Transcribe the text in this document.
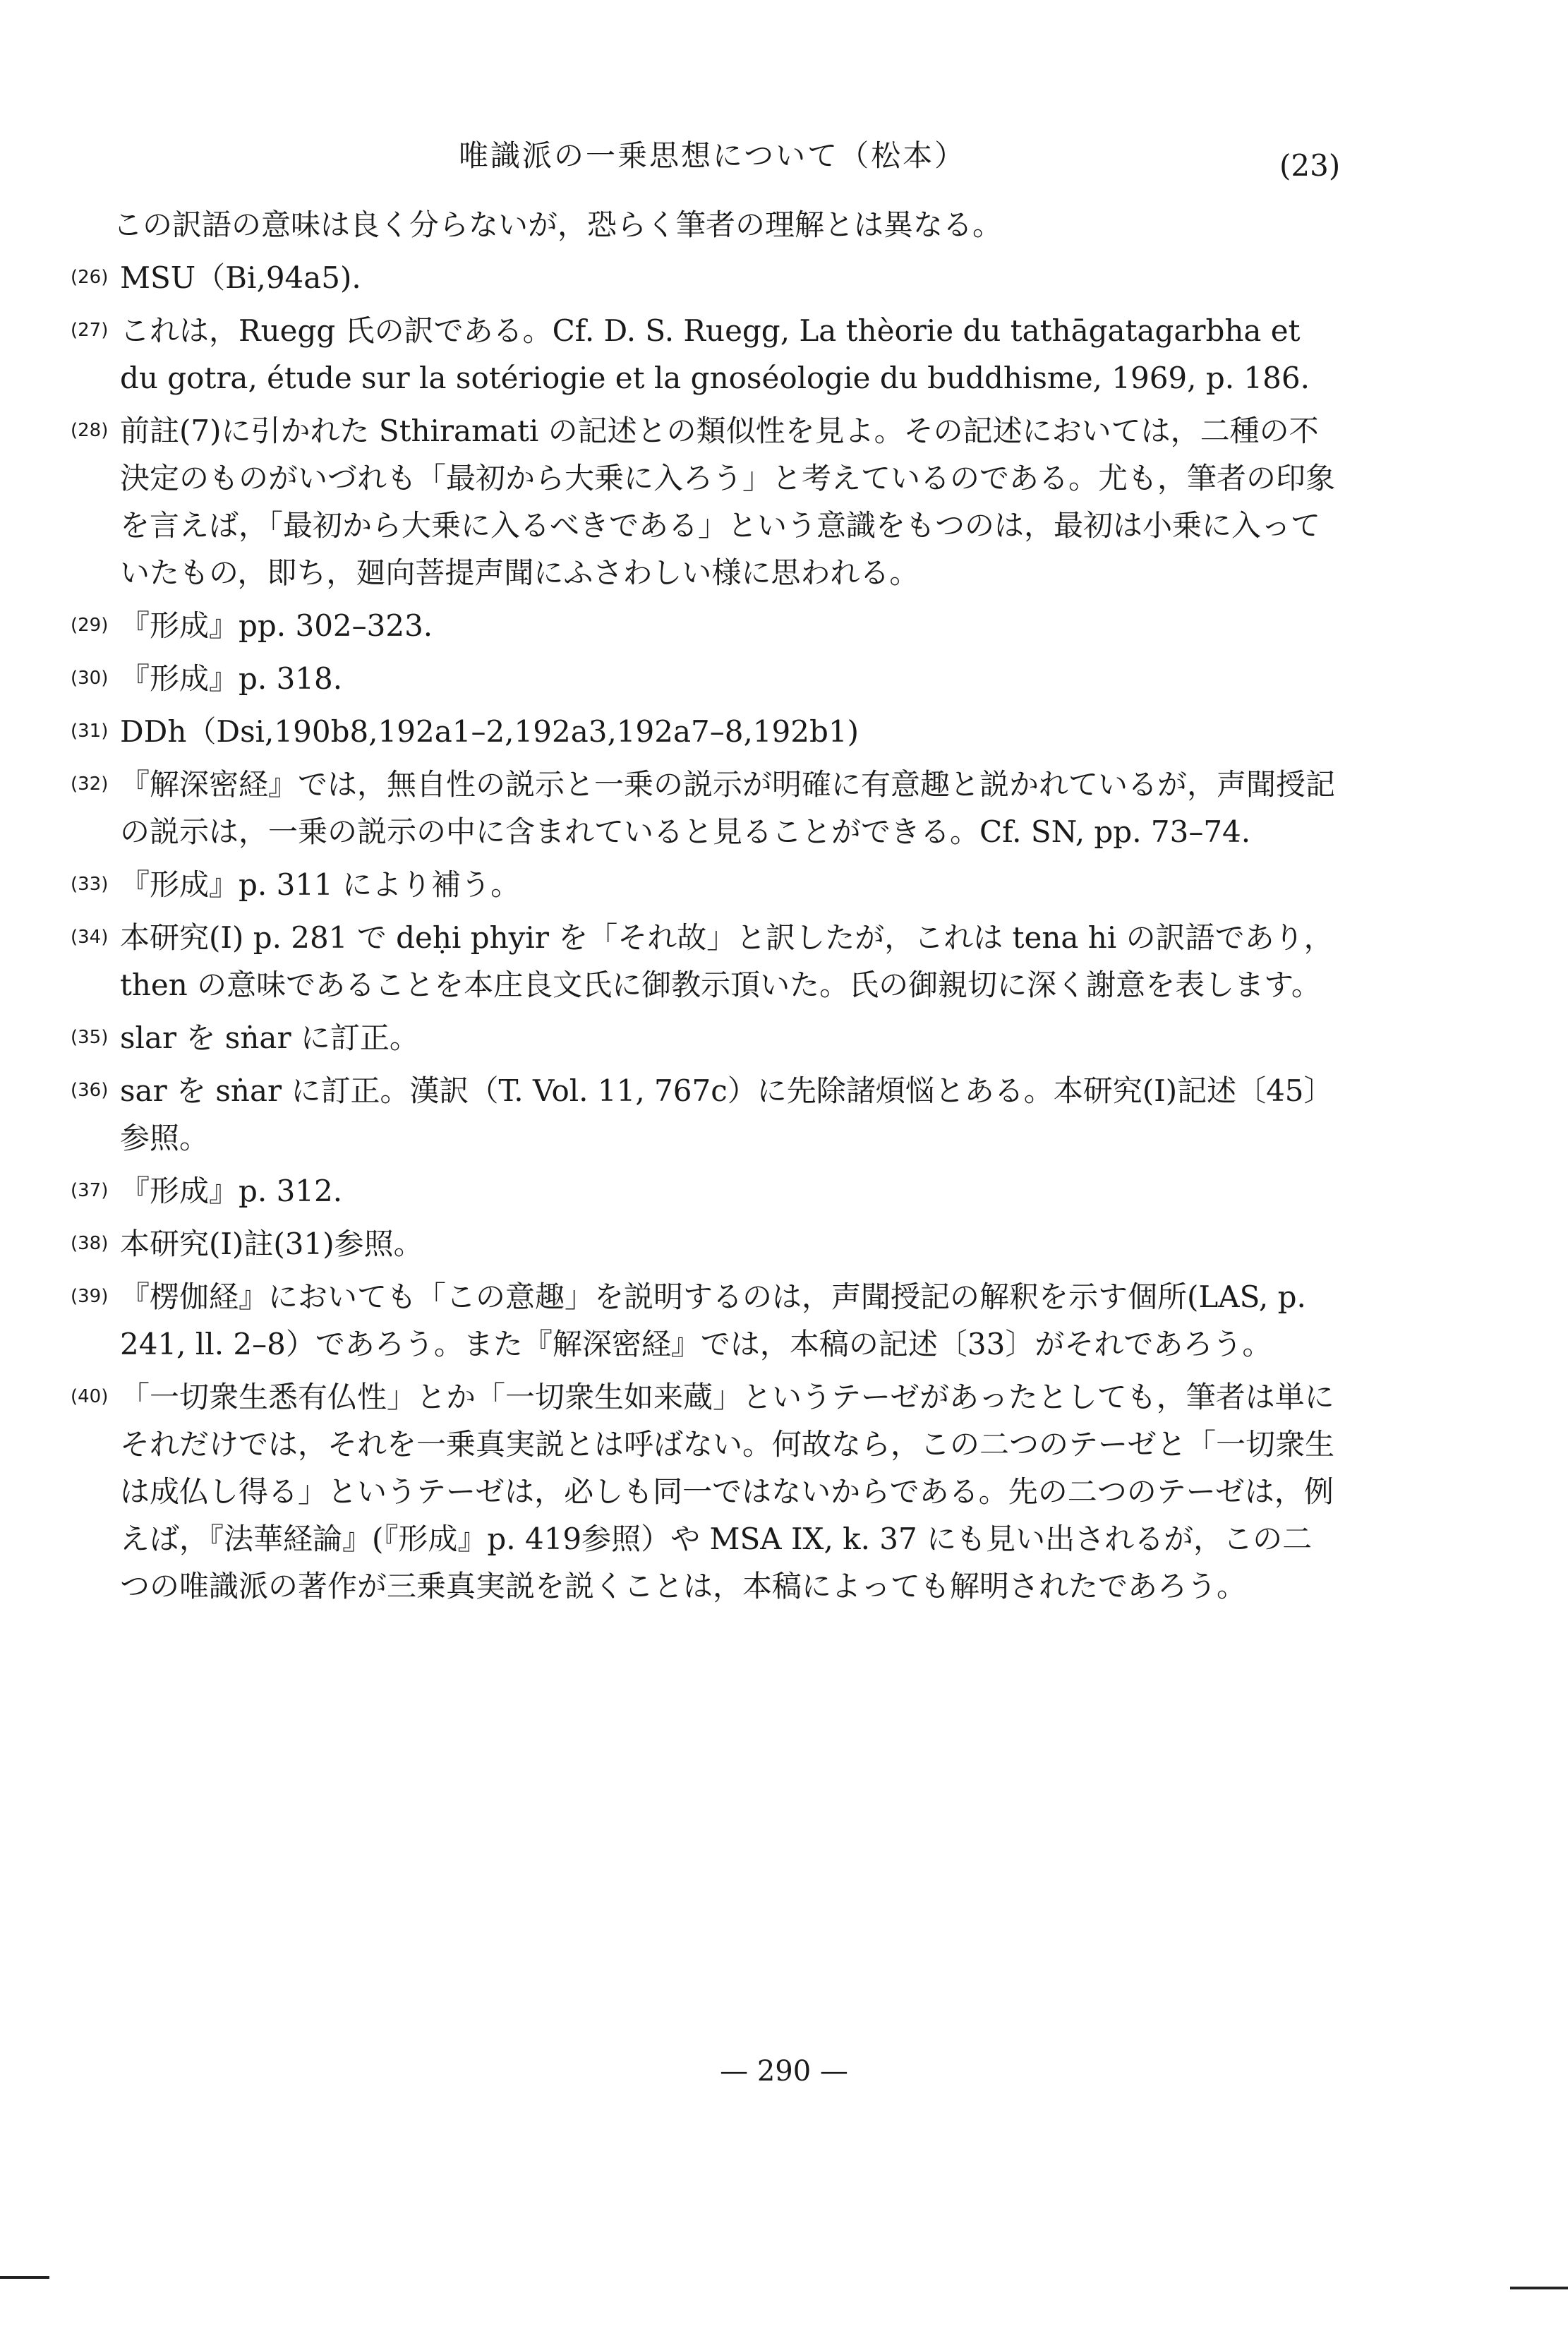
唯識派の一乗思想について（松本）	(23)
この訳語の意味は良く分らないが，恐らく筆者の理解とは異なる。
(26) MSU（Bi,94a5).
(27) これは，Ruegg 氏の訳である。Cf. D. S. Ruegg, La thèorie du tathāgatagarbha et du gotra, étude sur la sotériogie et la gnoséologie du buddhisme, 1969, p. 186.
(28) 前註(7)に引かれた Sthiramati の記述との類似性を見よ。その記述においては，二種の不決定のものがいづれも「最初から大乗に入ろう」と考えているのである。尤も，筆者の印象を言えば，「最初から大乗に入るべきである」という意識をもつのは，最初は小乗に入っていたもの，即ち，廻向菩提声聞にふさわしい様に思われる。
(29) 『形成』pp. 302–323.
(30) 『形成』p. 318.
(31) DDh（Dsi,190b8,192a1–2,192a3,192a7–8,192b1)
(32) 『解深密経』では，無自性の説示と一乗の説示が明確に有意趣と説かれているが，声聞授記の説示は，一乗の説示の中に含まれていると見ることができる。Cf. SN, pp. 73–74.
(33) 『形成』p. 311 により補う。
(34) 本研究(I) p. 281 で deḥi phyir を「それ故」と訳したが，これは tena hi の訳語であり，then の意味であることを本庄良文氏に御教示頂いた。氏の御親切に深く謝意を表します。
(35) slar を sṅar に訂正。
(36) sar を sṅar に訂正。漢訳（T. Vol. 11, 767c）に先除諸煩悩とある。本研究(I)記述〔45〕参照。
(37) 『形成』p. 312.
(38) 本研究(I)註(31)参照。
(39) 『楞伽経』においても「この意趣」を説明するのは，声聞授記の解釈を示す個所(LAS, p. 241, ll. 2–8）であろう。また『解深密経』では，本稿の記述〔33〕がそれであろう。
(40) 「一切衆生悉有仏性」とか「一切衆生如来蔵」というテーゼがあったとしても，筆者は単にそれだけでは，それを一乗真実説とは呼ばない。何故なら，この二つのテーゼと「一切衆生は成仏し得る」というテーゼは，必しも同一ではないからである。先の二つのテーゼは，例えば，『法華経論』(『形成』p. 419参照）や MSA IX, k. 37 にも見い出されるが，この二つの唯識派の著作が三乗真実説を説くことは，本稿によっても解明されたであろう。
— 290 —
